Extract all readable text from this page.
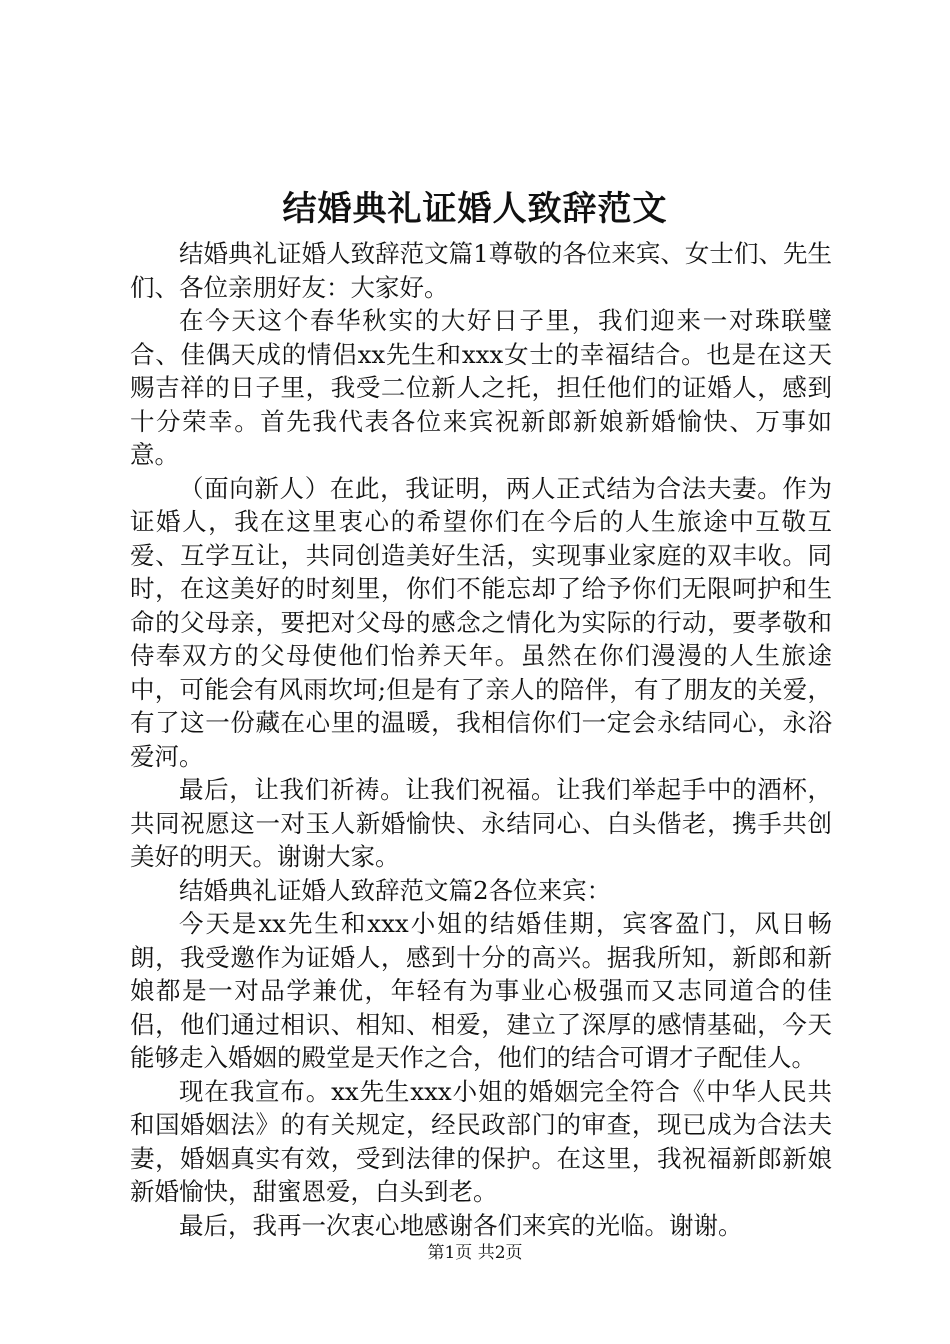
结婚典礼证婚人致辞范文

结婚典礼证婚人致辞范文篇1尊敬的各位来宾、女士们、先生们、各位亲朋好友：大家好。

在今天这个春华秋实的大好日子里，我们迎来一对珠联璧合、佳偶天成的情侣xx先生和xxx女士的幸福结合。也是在这天赐吉祥的日子里，我受二位新人之托，担任他们的证婚人，感到十分荣幸。首先我代表各位来宾祝新郎新娘新婚愉快、万事如意。

（面向新人）在此，我证明，两人正式结为合法夫妻。作为证婚人，我在这里衷心的希望你们在今后的人生旅途中互敬互爱、互学互让，共同创造美好生活，实现事业家庭的双丰收。同时，在这美好的时刻里，你们不能忘却了给予你们无限呵护和生命的父母亲，要把对父母的感念之情化为实际的行动，要孝敬和侍奉双方的父母使他们怡养天年。虽然在你们漫漫的人生旅途中，可能会有风雨坎坷;但是有了亲人的陪伴，有了朋友的关爱，有了这一份藏在心里的温暖，我相信你们一定会永结同心，永浴爱河。

最后，让我们祈祷。让我们祝福。让我们举起手中的酒杯，共同祝愿这一对玉人新婚愉快、永结同心、白头偕老，携手共创美好的明天。谢谢大家。

结婚典礼证婚人致辞范文篇2各位来宾：

今天是xx先生和xxx小姐的结婚佳期，宾客盈门，风日畅朗，我受邀作为证婚人，感到十分的高兴。据我所知，新郎和新娘都是一对品学兼优，年轻有为事业心极强而又志同道合的佳侣，他们通过相识、相知、相爱，建立了深厚的感情基础，今天能够走入婚姻的殿堂是天作之合，他们的结合可谓才子配佳人。

现在我宣布。xx先生xxx小姐的婚姻完全符合《中华人民共和国婚姻法》的有关规定，经民政部门的审查，现已成为合法夫妻，婚姻真实有效，受到法律的保护。在这里，我祝福新郎新娘新婚愉快，甜蜜恩爱，白头到老。

最后，我再一次衷心地感谢各们来宾的光临。谢谢。

第1页 共2页
